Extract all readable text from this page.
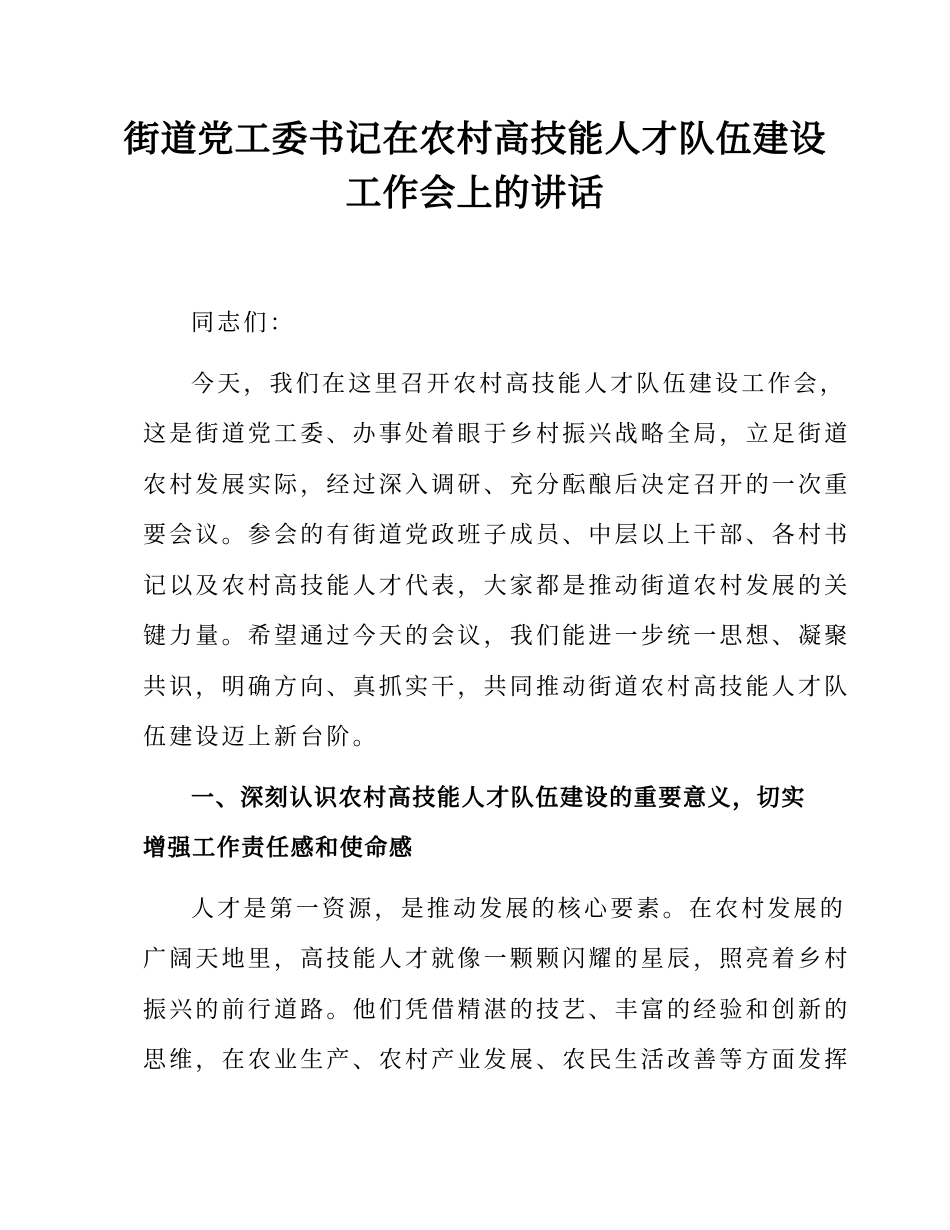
街道党工委书记在农村高技能人才队伍建设
工作会上的讲话
同志们：
今天，我们在这里召开农村高技能人才队伍建设工作会，
这是街道党工委、办事处着眼于乡村振兴战略全局，立足街道
农村发展实际，经过深入调研、充分酝酿后决定召开的一次重
要会议。参会的有街道党政班子成员、中层以上干部、各村书
记以及农村高技能人才代表，大家都是推动街道农村发展的关
键力量。希望通过今天的会议，我们能进一步统一思想、凝聚
共识，明确方向、真抓实干，共同推动街道农村高技能人才队
伍建设迈上新台阶。
一、深刻认识农村高技能人才队伍建设的重要意义，切实
增强工作责任感和使命感
人才是第一资源，是推动发展的核心要素。在农村发展的
广阔天地里，高技能人才就像一颗颗闪耀的星辰，照亮着乡村
振兴的前行道路。他们凭借精湛的技艺、丰富的经验和创新的
思维，在农业生产、农村产业发展、农民生活改善等方面发挥
